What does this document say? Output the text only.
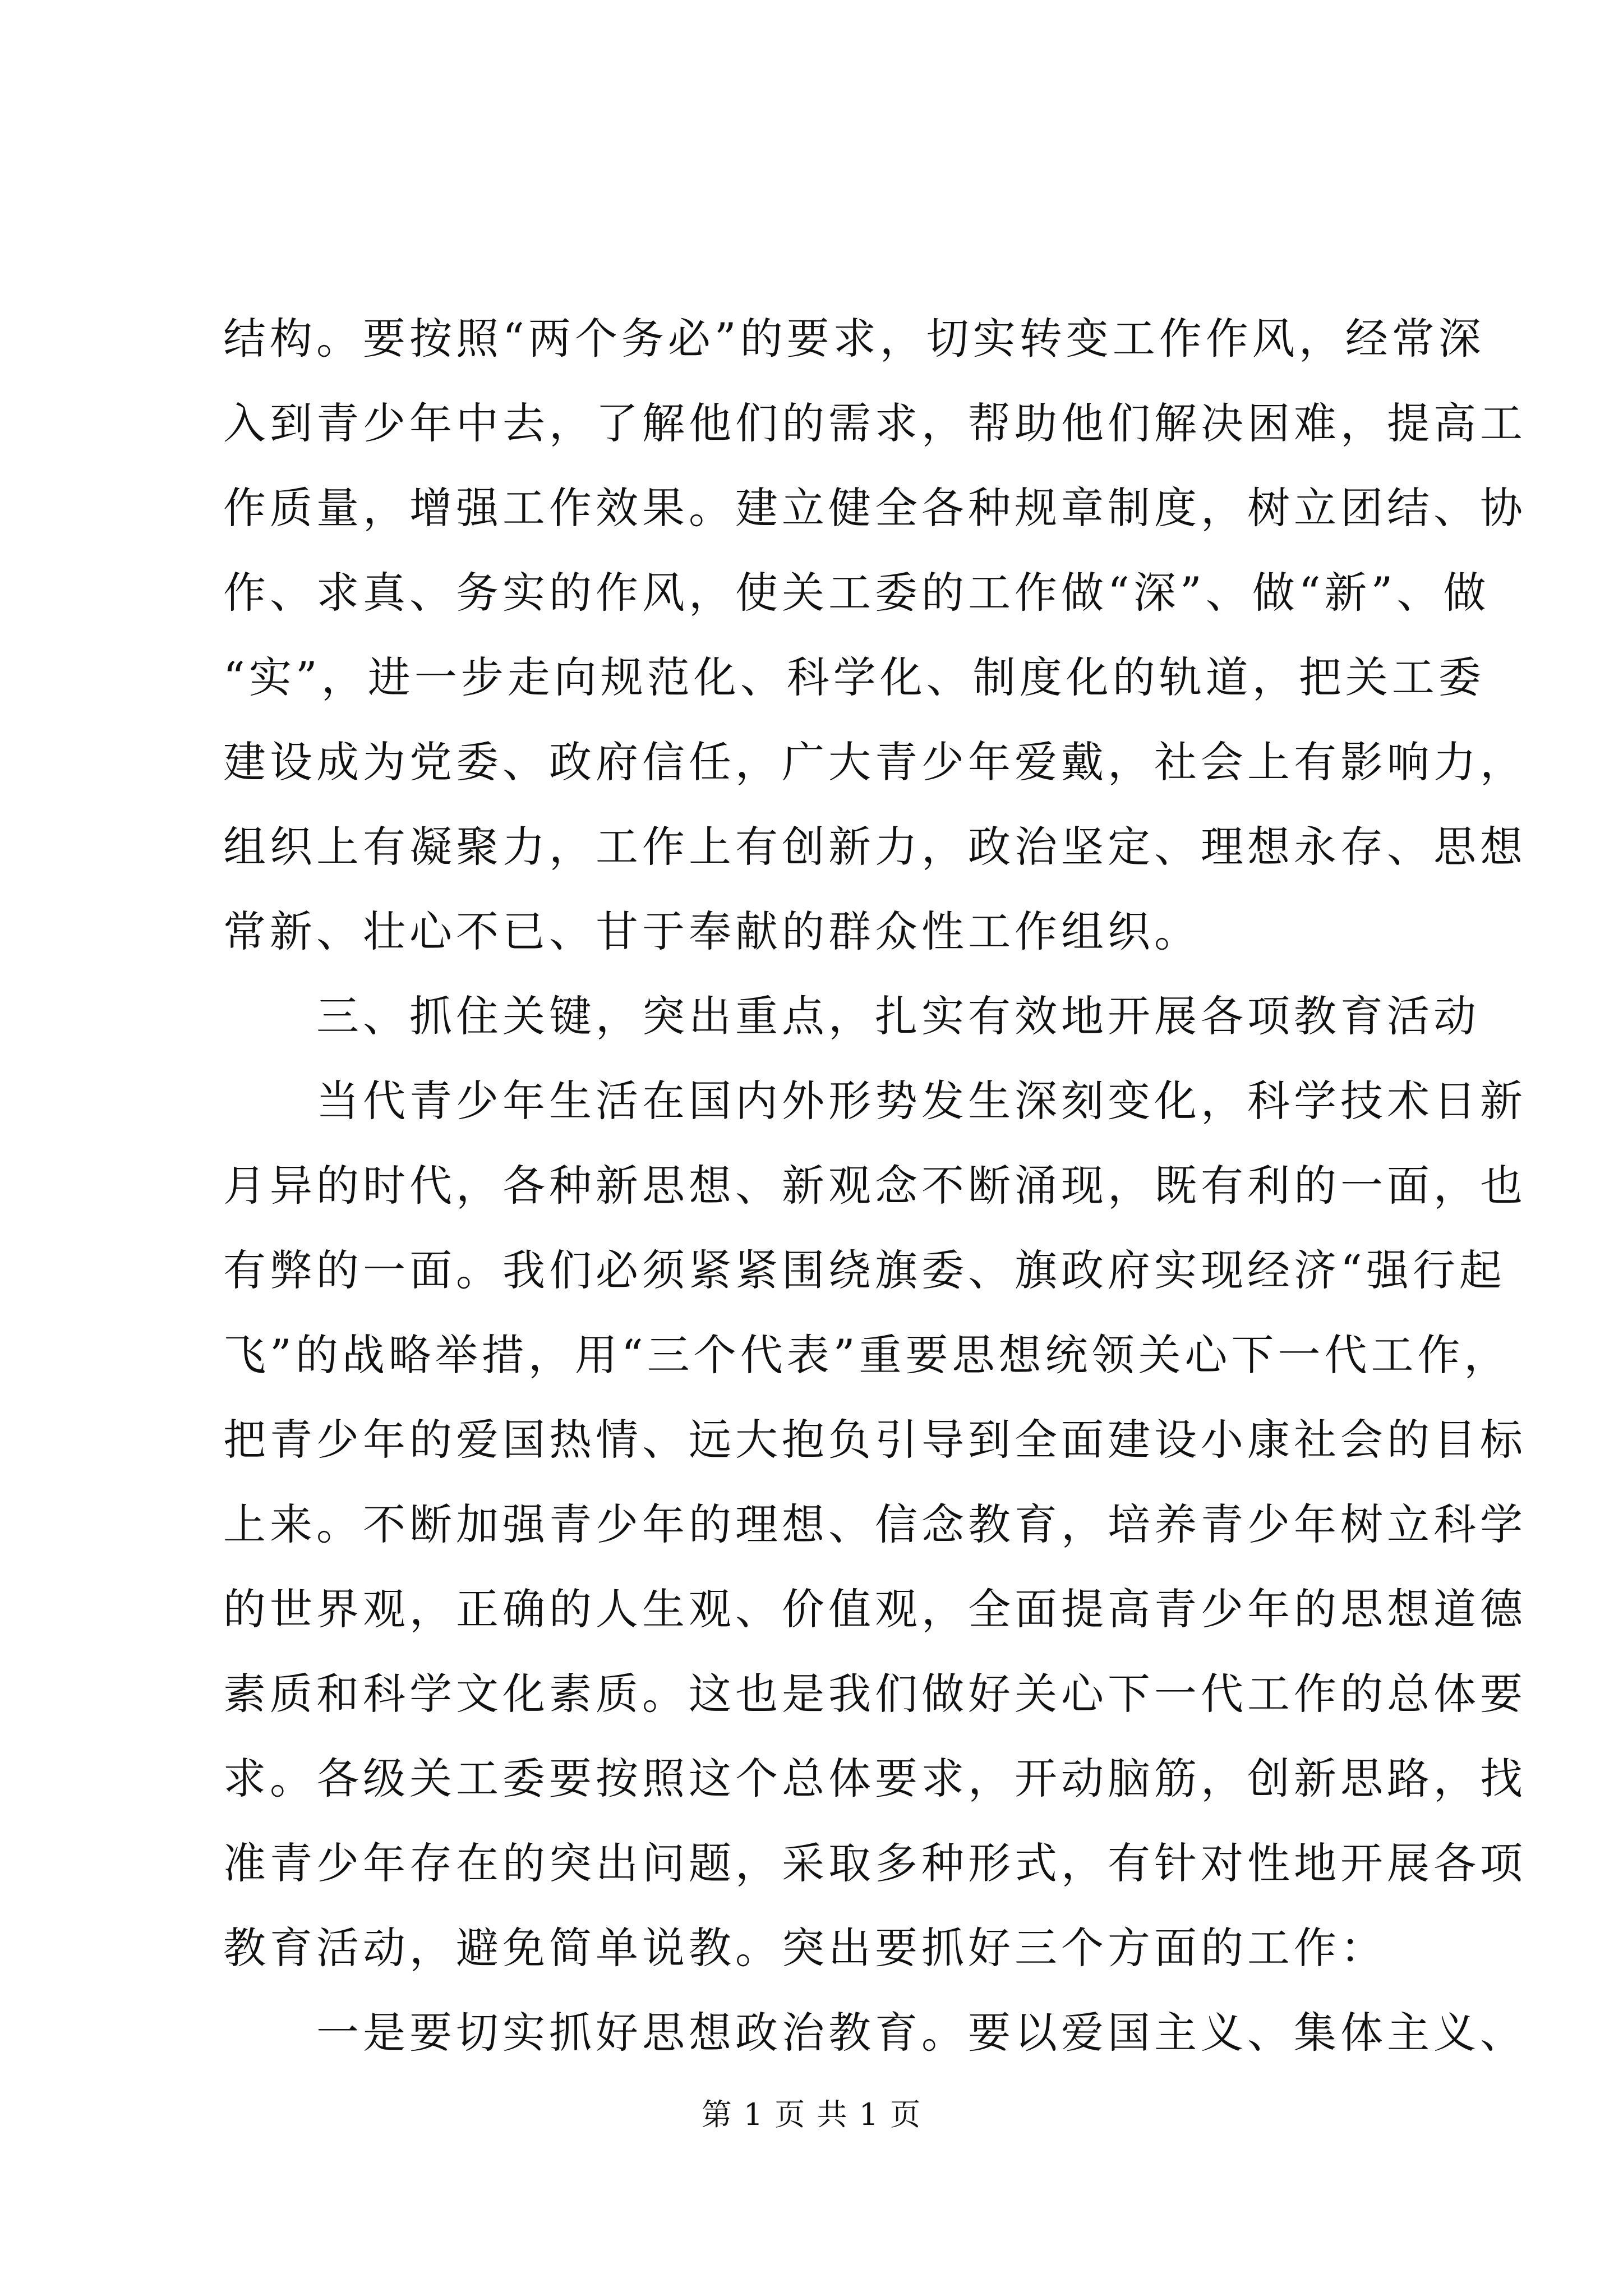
结构。要按照“两个务必”的要求，切实转变工作作风，经常深
入到青少年中去，了解他们的需求，帮助他们解决困难，提高工
作质量，增强工作效果。建立健全各种规章制度，树立团结、协
作、求真、务实的作风，使关工委的工作做“深”、做“新”、做
“实”，进一步走向规范化、科学化、制度化的轨道，把关工委
建设成为党委、政府信任，广大青少年爱戴，社会上有影响力，
组织上有凝聚力，工作上有创新力，政治坚定、理想永存、思想
常新、壮心不已、甘于奉献的群众性工作组织。
　　三、抓住关键，突出重点，扎实有效地开展各项教育活动
　　当代青少年生活在国内外形势发生深刻变化，科学技术日新
月异的时代，各种新思想、新观念不断涌现，既有利的一面，也
有弊的一面。我们必须紧紧围绕旗委、旗政府实现经济“强行起
飞”的战略举措，用“三个代表”重要思想统领关心下一代工作，
把青少年的爱国热情、远大抱负引导到全面建设小康社会的目标
上来。不断加强青少年的理想、信念教育，培养青少年树立科学
的世界观，正确的人生观、价值观，全面提高青少年的思想道德
素质和科学文化素质。这也是我们做好关心下一代工作的总体要
求。各级关工委要按照这个总体要求，开动脑筋，创新思路，找
准青少年存在的突出问题，采取多种形式，有针对性地开展各项
教育活动，避免简单说教。突出要抓好三个方面的工作：
　　一是要切实抓好思想政治教育。要以爱国主义、集体主义、
第 1 页 共 1 页
